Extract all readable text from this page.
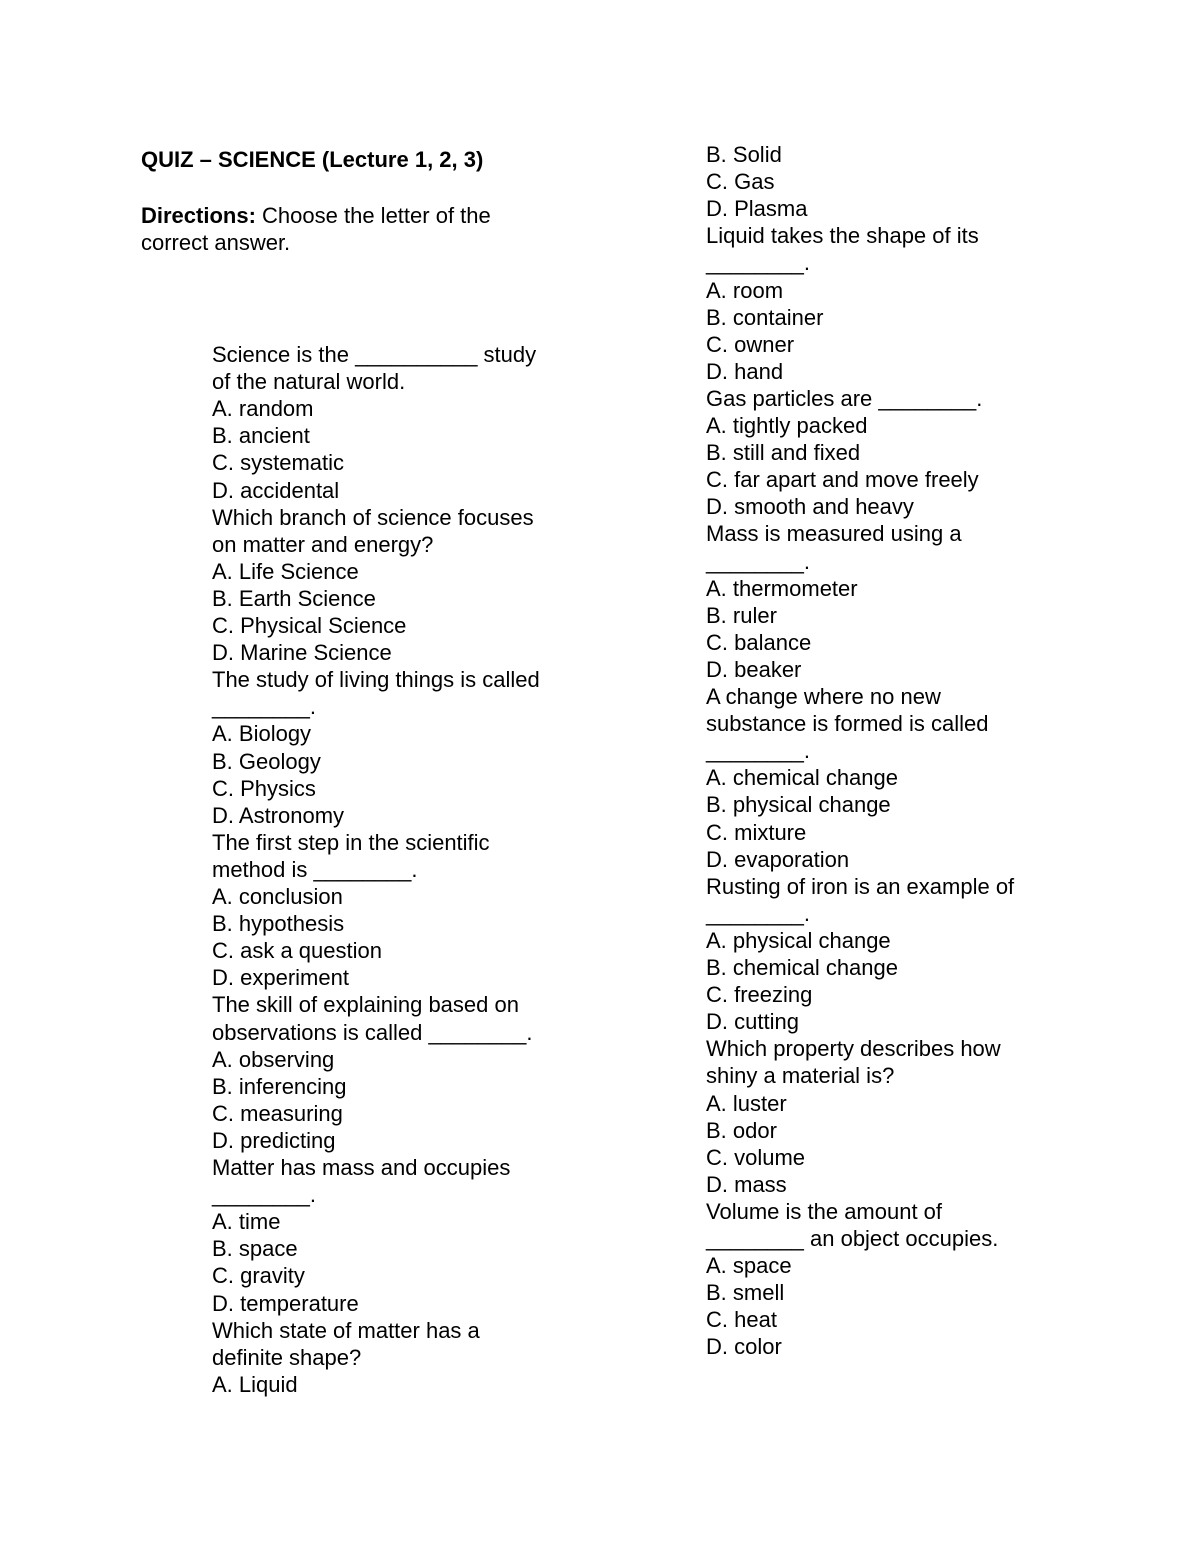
QUIZ – SCIENCE (Lecture 1, 2, 3)
Directions: Choose the letter of the
correct answer.
Science is the __________ study
of the natural world.
A. random
B. ancient
C. systematic
D. accidental
Which branch of science focuses
on matter and energy?
A. Life Science
B. Earth Science
C. Physical Science
D. Marine Science
The study of living things is called
________.
A. Biology
B. Geology
C. Physics
D. Astronomy
The first step in the scientific
method is ________.
A. conclusion
B. hypothesis
C. ask a question
D. experiment
The skill of explaining based on
observations is called ________.
A. observing
B. inferencing
C. measuring
D. predicting
Matter has mass and occupies
________.
A. time
B. space
C. gravity
D. temperature
Which state of matter has a
definite shape?
A. Liquid
B. Solid
C. Gas
D. Plasma
Liquid takes the shape of its
________.
A. room
B. container
C. owner
D. hand
Gas particles are ________.
A. tightly packed
B. still and fixed
C. far apart and move freely
D. smooth and heavy
Mass is measured using a
________.
A. thermometer
B. ruler
C. balance
D. beaker
A change where no new
substance is formed is called
________.
A. chemical change
B. physical change
C. mixture
D. evaporation
Rusting of iron is an example of
________.
A. physical change
B. chemical change
C. freezing
D. cutting
Which property describes how
shiny a material is?
A. luster
B. odor
C. volume
D. mass
Volume is the amount of
________ an object occupies.
A. space
B. smell
C. heat
D. color
